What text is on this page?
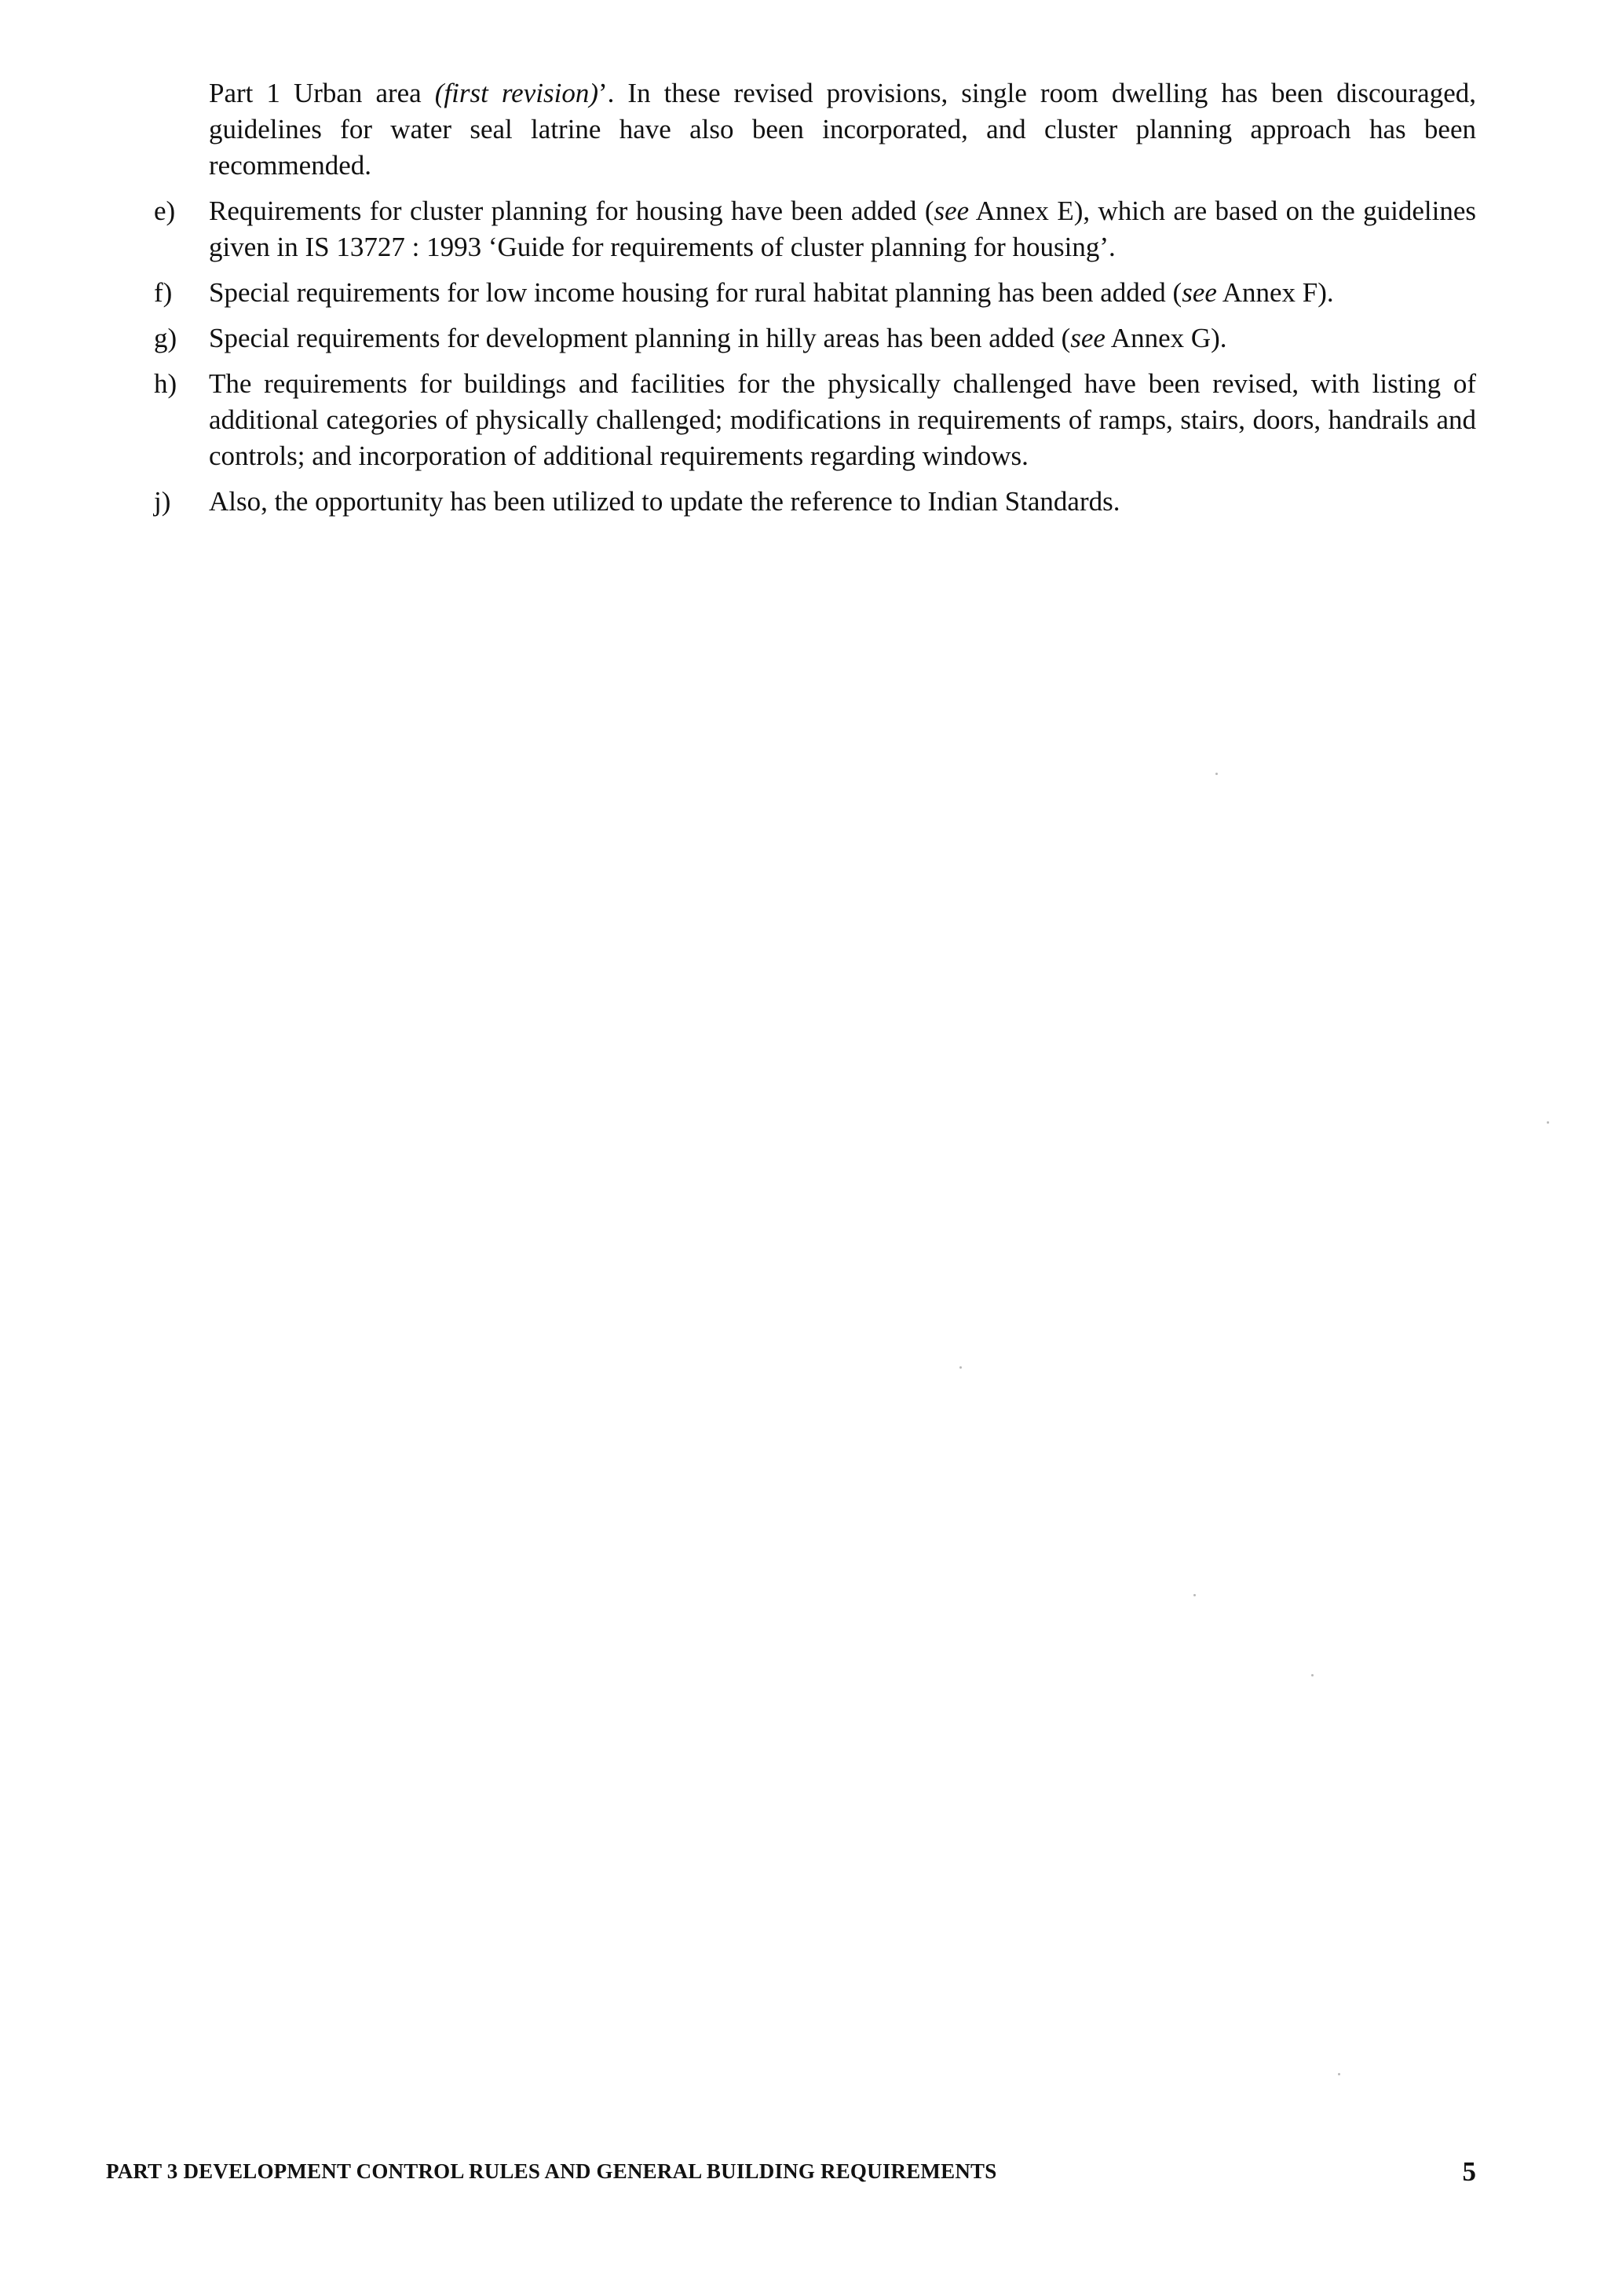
Part 1 Urban area (first revision)’. In these revised provisions, single room dwelling has been discouraged, guidelines for water seal latrine have also been incorporated, and cluster planning approach has been recommended.
e) Requirements for cluster planning for housing have been added (see Annex E), which are based on the guidelines given in IS 13727 : 1993 ‘Guide for requirements of cluster planning for housing’.
f) Special requirements for low income housing for rural habitat planning has been added (see Annex F).
g) Special requirements for development planning in hilly areas has been added (see Annex G).
h) The requirements for buildings and facilities for the physically challenged have been revised, with listing of additional categories of physically challenged; modifications in requirements of ramps, stairs, doors, handrails and controls; and incorporation of additional requirements regarding windows.
j) Also, the opportunity has been utilized to update the reference to Indian Standards.
PART 3 DEVELOPMENT CONTROL RULES AND GENERAL BUILDING REQUIREMENTS	5
